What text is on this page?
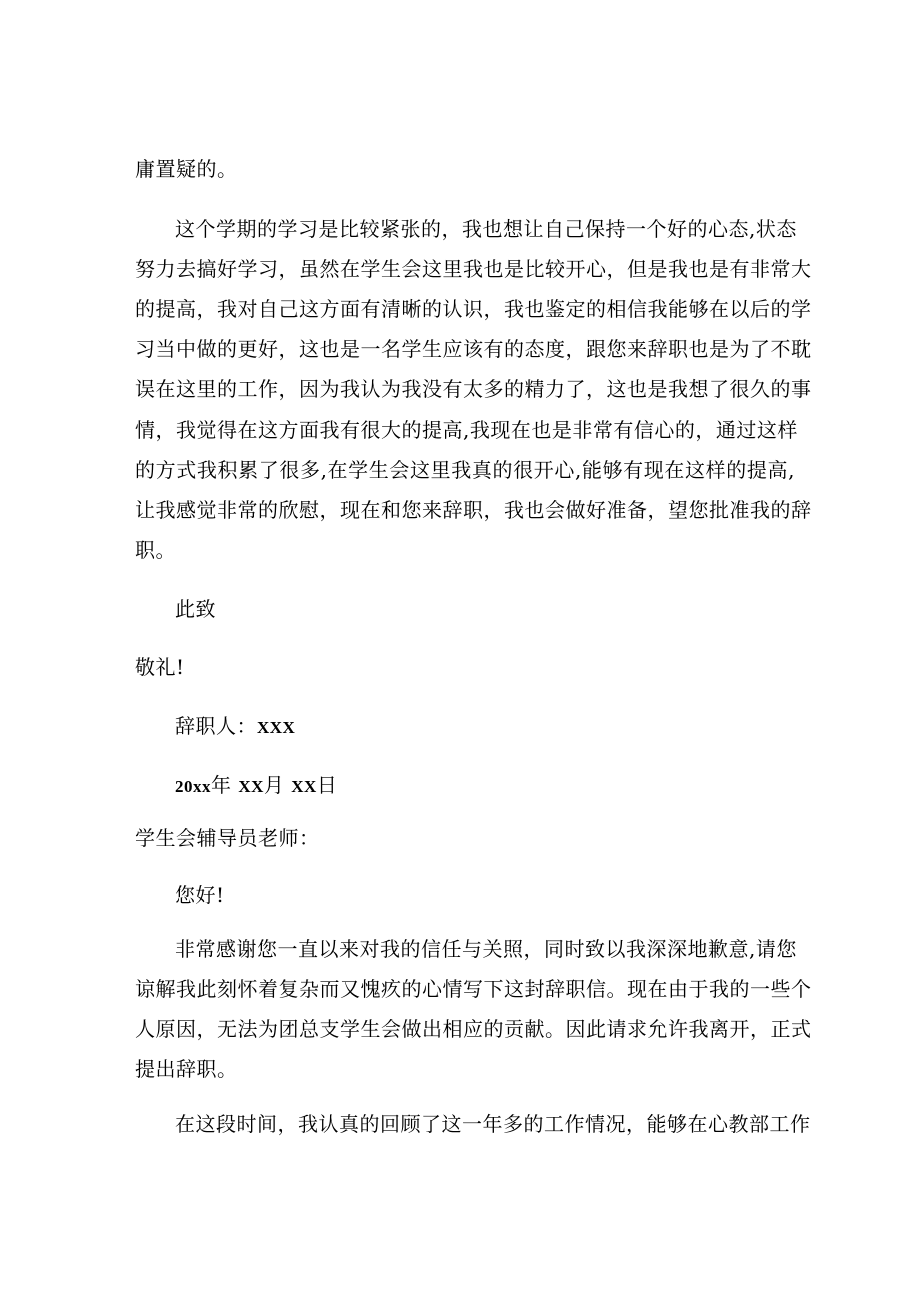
庸置疑的。
这个学期的学习是比较紧张的，我也想让自己保持一个好的心态,状态
努力去搞好学习，虽然在学生会这里我也是比较开心，但是我也是有非常大
的提高，我对自己这方面有清晰的认识，我也鉴定的相信我能够在以后的学
习当中做的更好，这也是一名学生应该有的态度，跟您来辞职也是为了不耽
误在这里的工作，因为我认为我没有太多的精力了，这也是我想了很久的事
情，我觉得在这方面我有很大的提高,我现在也是非常有信心的，通过这样
的方式我积累了很多,在学生会这里我真的很开心,能够有现在这样的提高,
让我感觉非常的欣慰，现在和您来辞职，我也会做好准备，望您批准我的辞
职。
此致
敬礼!
辞职人：XXX
20xx年 XX月 XX日
学生会辅导员老师：
您好!
非常感谢您一直以来对我的信任与关照，同时致以我深深地歉意,请您
谅解我此刻怀着复杂而又愧疚的心情写下这封辞职信。现在由于我的一些个
人原因，无法为团总支学生会做出相应的贡献。因此请求允许我离开，正式
提出辞职。
在这段时间，我认真的回顾了这一年多的工作情况，能够在心教部工作
